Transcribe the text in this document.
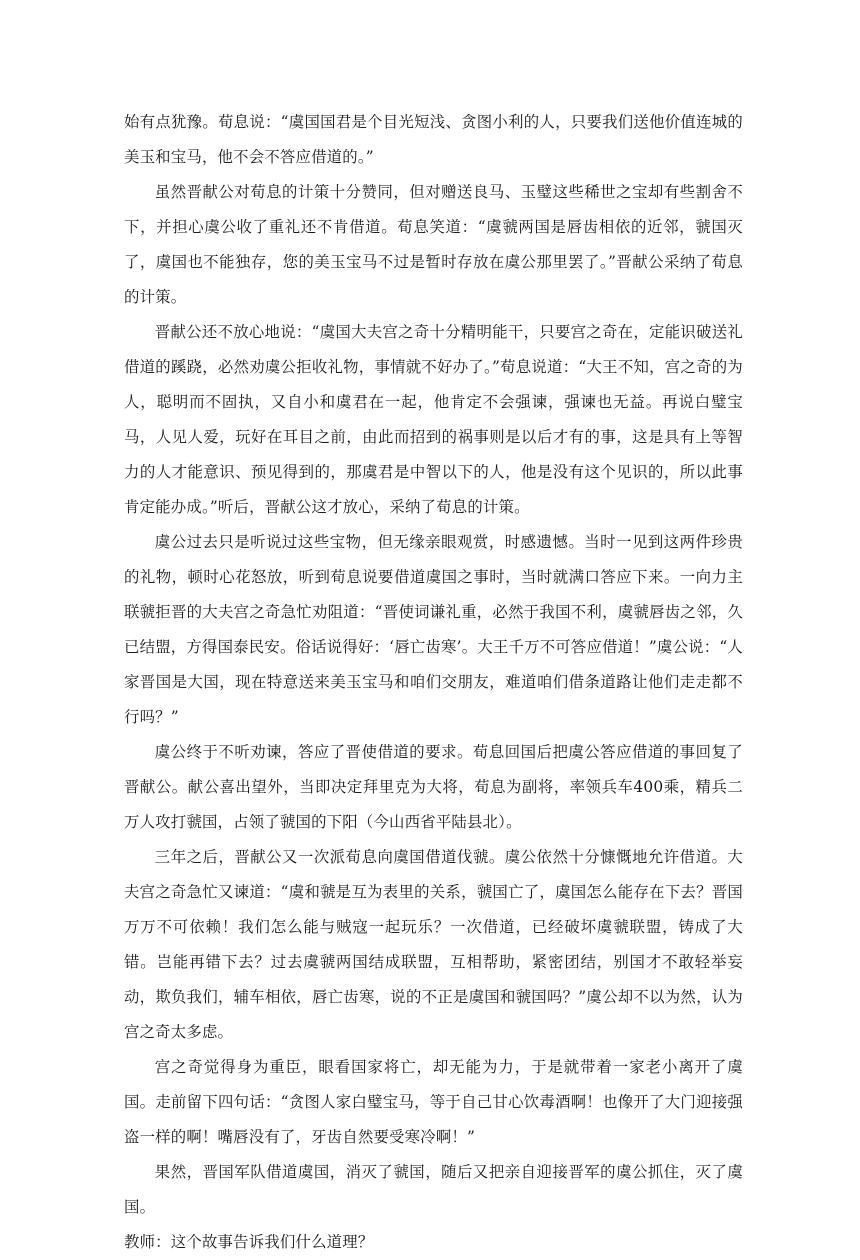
始有点犹豫。荀息说：“虞国国君是个目光短浅、贪图小利的人，只要我们送他价值连城的美玉和宝马，他不会不答应借道的。”

虽然晋献公对荀息的计策十分赞同，但对赠送良马、玉璧这些稀世之宝却有些割舍不下，并担心虞公收了重礼还不肯借道。荀息笑道：“虞虢两国是唇齿相依的近邻，虢国灭了，虞国也不能独存，您的美玉宝马不过是暂时存放在虞公那里罢了。”晋献公采纳了荀息的计策。

晋献公还不放心地说：“虞国大夫宫之奇十分精明能干，只要宫之奇在，定能识破送礼借道的蹊跷，必然劝虞公拒收礼物，事情就不好办了。”荀息说道：“大王不知，宫之奇的为人，聪明而不固执，又自小和虞君在一起，他肯定不会强谏，强谏也无益。再说白璧宝马，人见人爱，玩好在耳目之前，由此而招到的祸事则是以后才有的事，这是具有上等智力的人才能意识、预见得到的，那虞君是中智以下的人，他是没有这个见识的，所以此事肯定能办成。”听后，晋献公这才放心，采纳了荀息的计策。

虞公过去只是听说过这些宝物，但无缘亲眼观赏，时感遗憾。当时一见到这两件珍贵的礼物，顿时心花怒放，听到荀息说要借道虞国之事时，当时就满口答应下来。一向力主联虢拒晋的大夫宫之奇急忙劝阻道：“晋使词谦礼重，必然于我国不利，虞虢唇齿之邻，久已结盟，方得国泰民安。俗话说得好：‘唇亡齿寒’。大王千万不可答应借道！”虞公说：“人家晋国是大国，现在特意送来美玉宝马和咱们交朋友，难道咱们借条道路让他们走走都不行吗？”

虞公终于不听劝谏，答应了晋使借道的要求。荀息回国后把虞公答应借道的事回复了晋献公。献公喜出望外，当即决定拜里克为大将，荀息为副将，率领兵车400乘，精兵二万人攻打虢国，占领了虢国的下阳（今山西省平陆县北）。

三年之后，晋献公又一次派荀息向虞国借道伐虢。虞公依然十分慷慨地允许借道。大夫宫之奇急忙又谏道：“虞和虢是互为表里的关系，虢国亡了，虞国怎么能存在下去？晋国万万不可依赖！我们怎么能与贼寇一起玩乐？一次借道，已经破坏虞虢联盟，铸成了大错。岂能再错下去？过去虞虢两国结成联盟，互相帮助，紧密团结，别国才不敢轻举妄动，欺负我们，辅车相依，唇亡齿寒，说的不正是虞国和虢国吗？”虞公却不以为然，认为宫之奇太多虑。

宫之奇觉得身为重臣，眼看国家将亡，却无能为力，于是就带着一家老小离开了虞国。走前留下四句话：“贪图人家白璧宝马，等于自己甘心饮毒酒啊！也像开了大门迎接强盗一样的啊！嘴唇没有了，牙齿自然要受寒冷啊！”

果然，晋国军队借道虞国，消灭了虢国，随后又把亲自迎接晋军的虞公抓住，灭了虞国。

教师：这个故事告诉我们什么道理？
